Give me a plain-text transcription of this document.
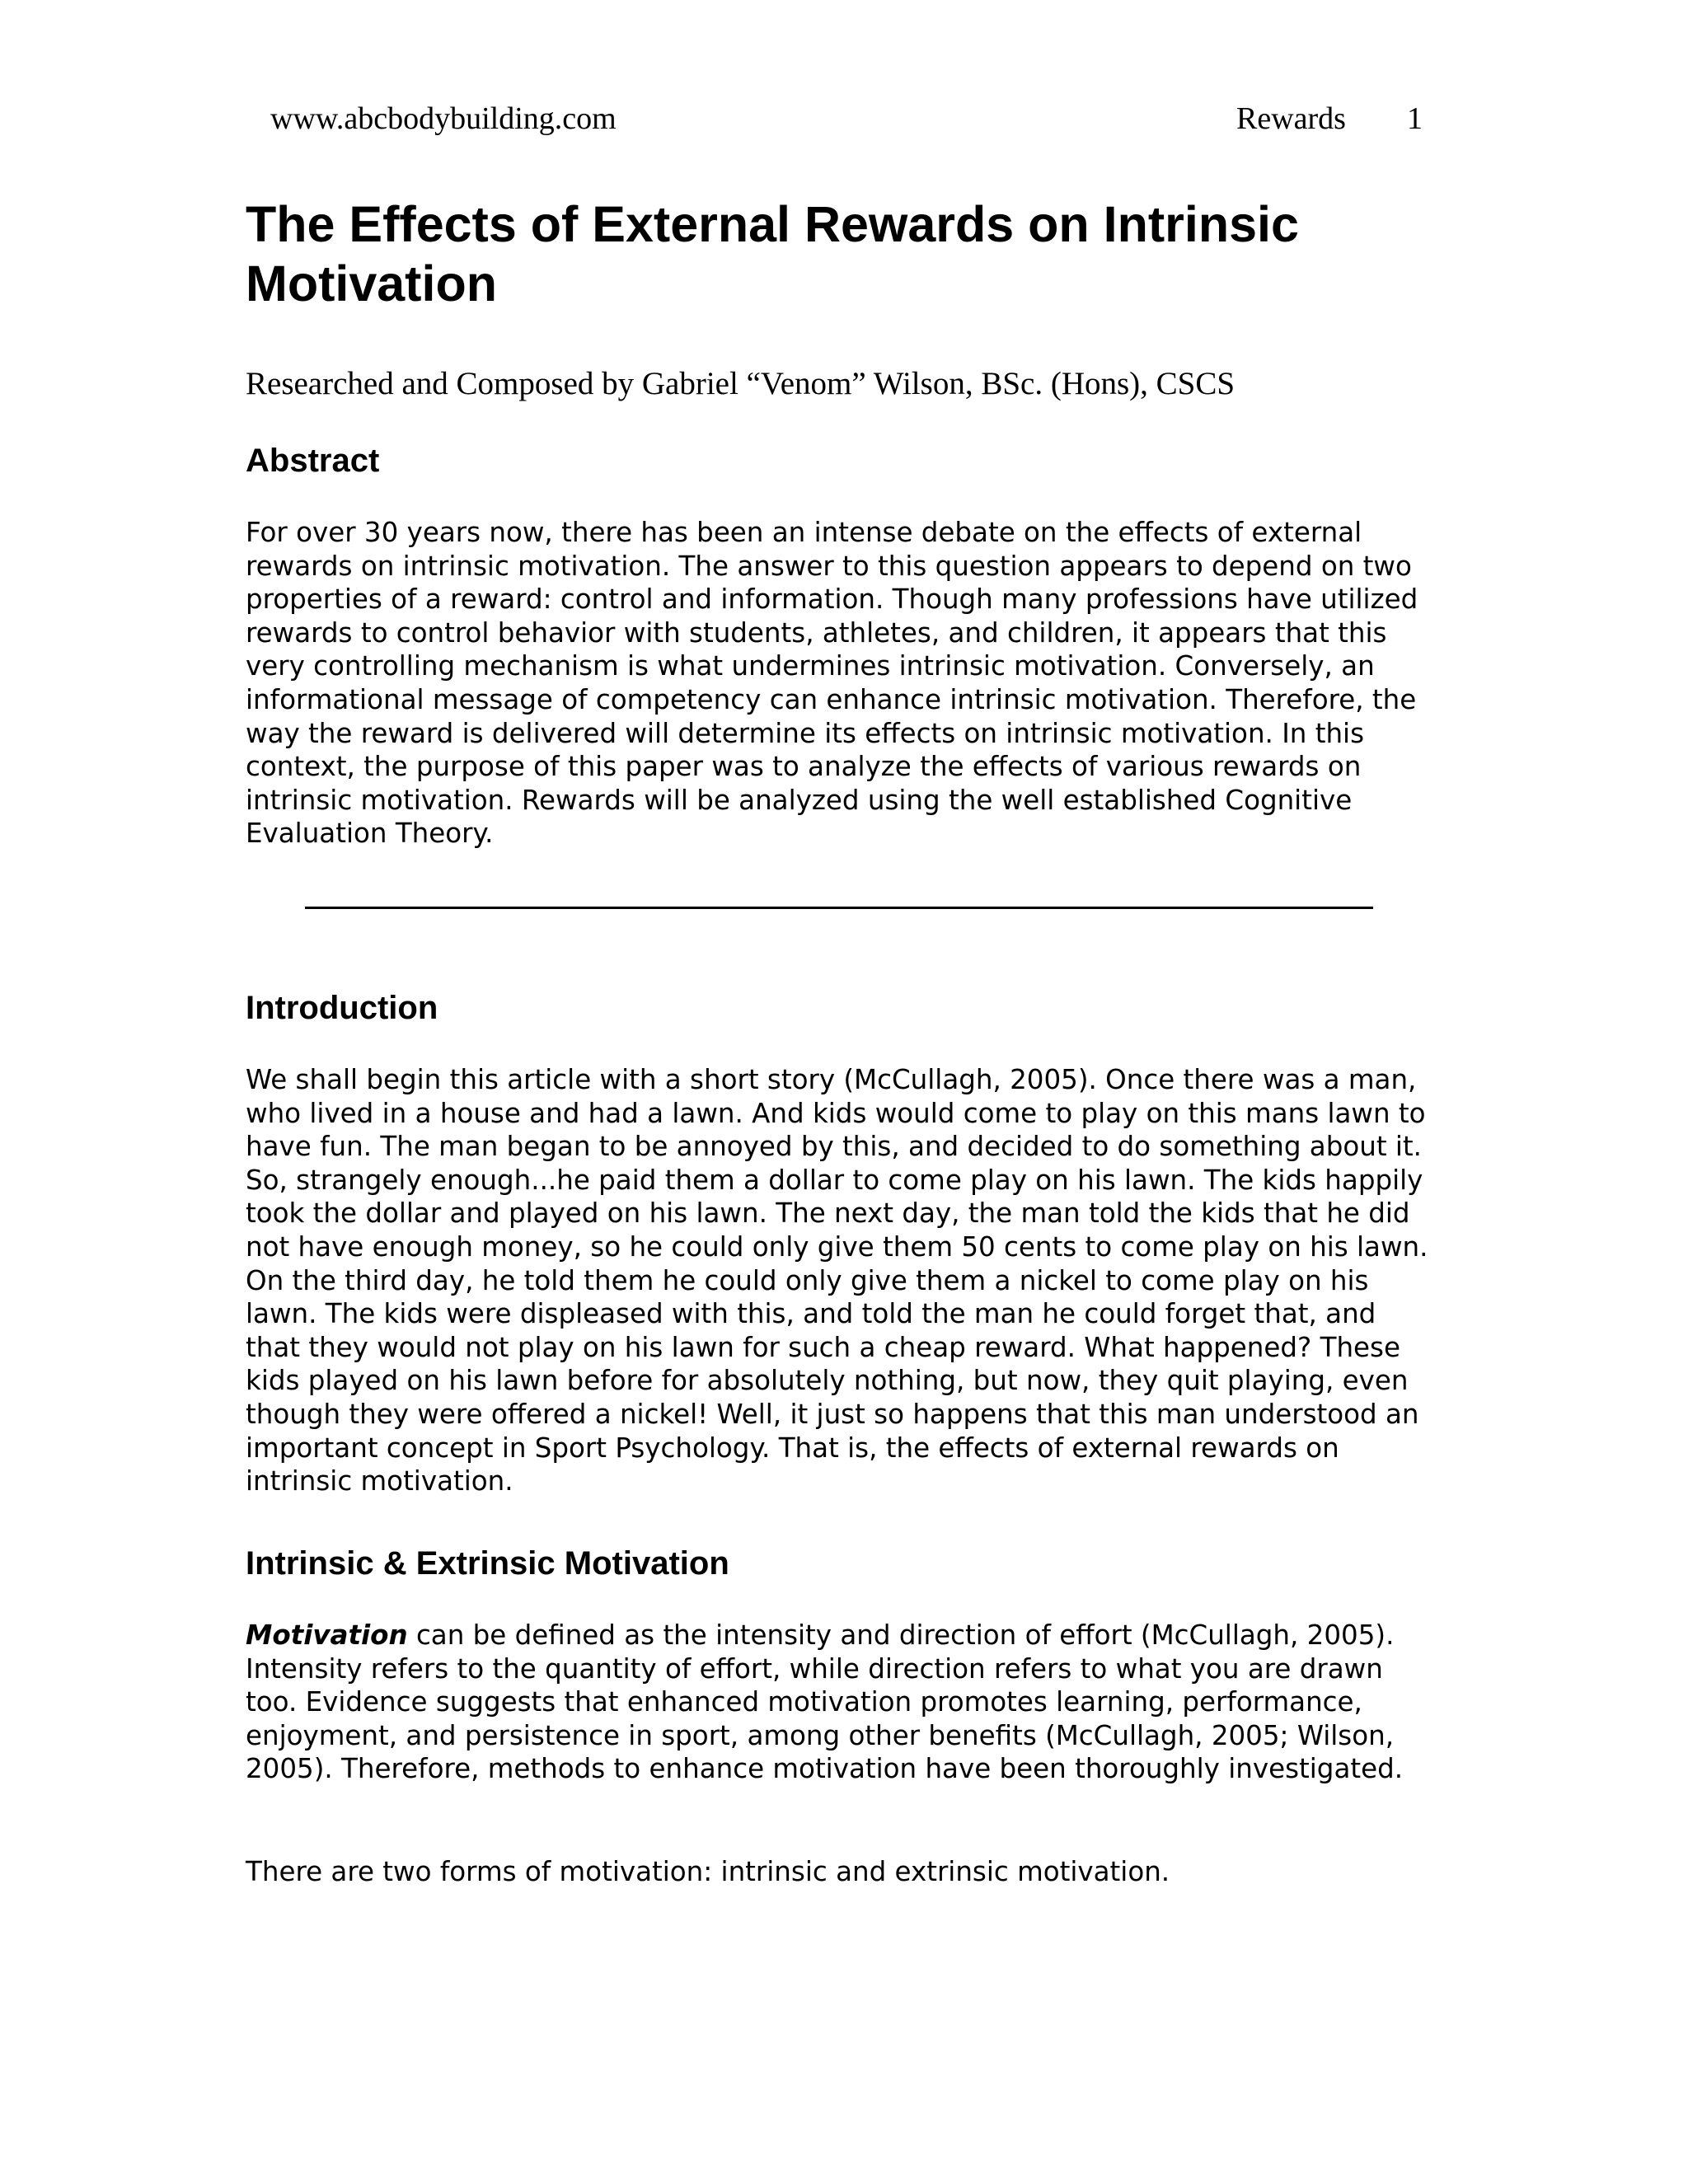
www.abcbodybuilding.com	Rewards 1
The Effects of External Rewards on Intrinsic Motivation

Researched and Composed by Gabriel “Venom” Wilson, BSc. (Hons), CSCS

Abstract

For over 30 years now, there has been an intense debate on the effects of external rewards on intrinsic motivation. The answer to this question appears to depend on two properties of a reward: control and information. Though many professions have utilized rewards to control behavior with students, athletes, and children, it appears that this very controlling mechanism is what undermines intrinsic motivation. Conversely, an informational message of competency can enhance intrinsic motivation. Therefore, the way the reward is delivered will determine its effects on intrinsic motivation. In this context, the purpose of this paper was to analyze the effects of various rewards on intrinsic motivation. Rewards will be analyzed using the well established Cognitive Evaluation Theory.

Introduction

We shall begin this article with a short story (McCullagh, 2005). Once there was a man, who lived in a house and had a lawn. And kids would come to play on this mans lawn to have fun. The man began to be annoyed by this, and decided to do something about it. So, strangely enough...he paid them a dollar to come play on his lawn. The kids happily took the dollar and played on his lawn. The next day, the man told the kids that he did not have enough money, so he could only give them 50 cents to come play on his lawn. On the third day, he told them he could only give them a nickel to come play on his lawn. The kids were displeased with this, and told the man he could forget that, and that they would not play on his lawn for such a cheap reward. What happened? These kids played on his lawn before for absolutely nothing, but now, they quit playing, even though they were offered a nickel! Well, it just so happens that this man understood an important concept in Sport Psychology. That is, the effects of external rewards on intrinsic motivation.

Intrinsic & Extrinsic Motivation

Motivation can be defined as the intensity and direction of effort (McCullagh, 2005). Intensity refers to the quantity of effort, while direction refers to what you are drawn too. Evidence suggests that enhanced motivation promotes learning, performance, enjoyment, and persistence in sport, among other benefits (McCullagh, 2005; Wilson, 2005). Therefore, methods to enhance motivation have been thoroughly investigated.

There are two forms of motivation: intrinsic and extrinsic motivation.
